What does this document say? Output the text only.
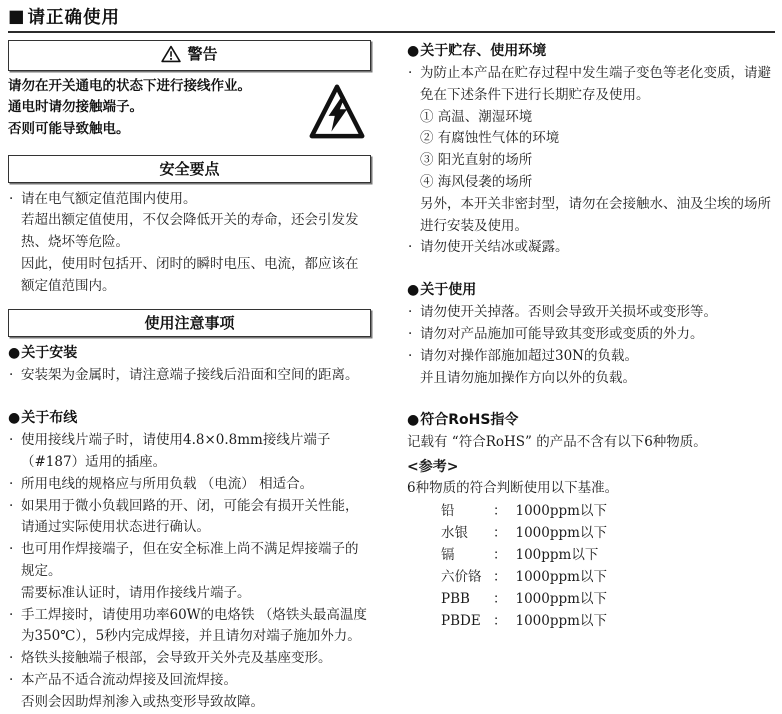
■ 请正确使用
警告
请勿在开关通电的状态下进行接线作业。
通电时请勿接触端子。
否则可能导致触电。
安全要点
· 请在电气额定值范围内使用。
若超出额定值使用，不仅会降低开关的寿命，还会引发发热、烧坏等危险。
因此，使用时包括开、闭时的瞬时电压、电流，都应该在额定值范围内。
使用注意事项
●关于安装
· 安装架为金属时，请注意端子接线后沿面和空间的距离。
●关于布线
· 使用接线片端子时，请使用4.8×0.8mm接线片端子 （#187）适用的插座。
· 所用电线的规格应与所用负载 （电流） 相适合。
· 如果用于微小负载回路的开、闭，可能会有损开关性能，请通过实际使用状态进行确认。
· 也可用作焊接端子，但在安全标准上尚不满足焊接端子的规定。
需要标准认证时，请用作接线片端子。
· 手工焊接时，请使用功率60W的电烙铁 （烙铁头最高温度为350℃），5秒内完成焊接，并且请勿对端子施加外力。
· 烙铁头接触端子根部，会导致开关外壳及基座变形。
· 本产品不适合流动焊接及回流焊接。
否则会因助焊剂渗入或热变形导致故障。
●关于贮存、使用环境
· 为防止本产品在贮存过程中发生端子变色等老化变质，请避免在下述条件下进行长期贮存及使用。
① 高温、潮湿环境
② 有腐蚀性气体的环境
③ 阳光直射的场所
④ 海风侵袭的场所
另外，本开关非密封型，请勿在会接触水、油及尘埃的场所进行安装及使用。
· 请勿使开关结冰或凝露。
●关于使用
· 请勿使开关掉落。否则会导致开关损坏或变形等。
· 请勿对产品施加可能导致其变形或变质的外力。
· 请勿对操作部施加超过30N的负载。
并且请勿施加操作方向以外的负载。
●符合RoHS指令
记载有 “符合RoHS” 的产品不含有以下6种物质。
<参考>
6种物质的符合判断使用以下基准。
铅	： 1000ppm以下
水银 ： 1000ppm以下
镉	： 100ppm以下
六价铬 ： 1000ppm以下
PBB ： 1000ppm以下
PBDE ： 1000ppm以下
